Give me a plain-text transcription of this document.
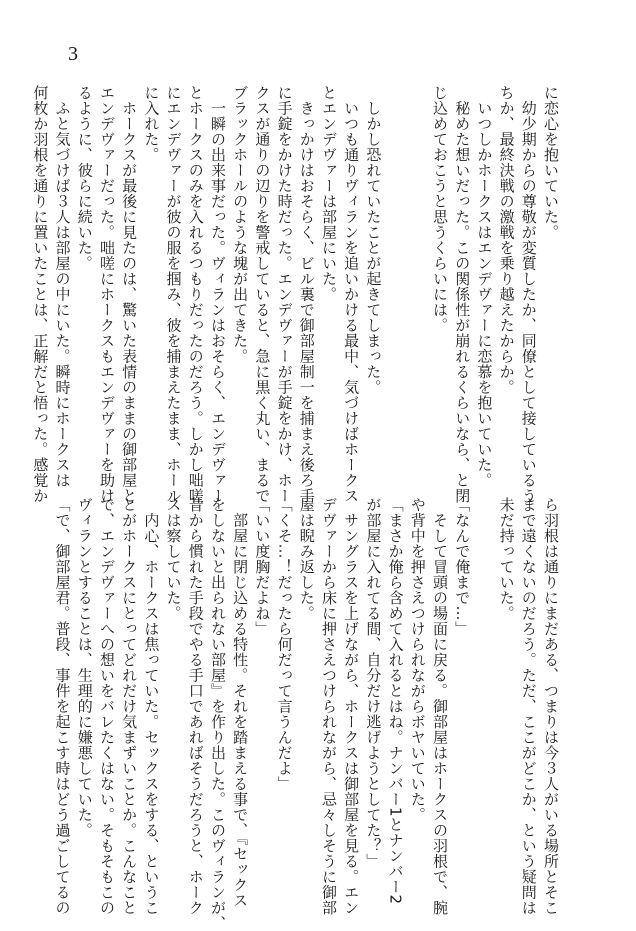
3

に恋心を抱いていた。

　幼少期からの尊敬が変質したか、同僚として接しているう

ちか、最終決戦の激戦を乗り越えたからか。

　いつしかホークスはエンデヴァーに恋慕を抱いていた。

　秘めた想いだった。この関係性が崩れるくらいなら、と閉

じ込めておこうと思うくらいには。

　しかし恐れていたことが起きてしまった。

　いつも通りヴィランを追いかける最中、気づけばホークス

とエンデヴァーは部屋にいた。

　きっかけはおそらく、ビル裏で御部屋制一を捕まえ後ろ手

に手錠をかけた時だった。エンデヴァーが手錠をかけ、ホー

クスが通りの辺りを警戒していると、急に黒く丸い、まるで

ブラックホールのような塊が出てきた。

　一瞬の出来事だった。ヴィランはおそらく、エンデヴァー

とホークスのみを入れるつもりだったのだろう。しかし咄嗟

にエンデヴァーが彼の服を掴み、彼を捕まえたまま、ホール

に入れた。

　ホークスが最後に見たのは、驚いた表情のままの御部屋と

エンデヴァーだった。咄嗟にホークスもエンデヴァーを助け

るように、彼らに続いた。

　ふと気づけば３人は部屋の中にいた。瞬時にホークスは

何枚か羽根を通りに置いたことは、正解だと悟った。感覚か

ら羽根は通りにまだある、つまりは今３人がいる場所とそこ

まで遠くないのだろう。ただ、ここがどこか、という疑問は

未だ持っていた。

「なんで俺まで…」

　そして冒頭の場面に戻る。御部屋はホークスの羽根で、腕

や背中を押さえつけられながらボヤいていた。

「まさか俺ら含めて入れるとはね。ナンバー1とナンバー2

が部屋に入れてる間、自分だけ逃げようとしてた？」

　サングラスを上げながら、ホークスは御部屋を見る。エン

デヴァーから床に押さえつけられながら、忌々しそうに御部

屋は睨み返した。

「くそ…！だったら何だって言うんだよ」

「いい度胸だよね」

　部屋に閉じ込める特性。それを踏まえる事で、『セックス

をしないと出られない部屋』を作り出した。このヴィランが、

昔から慣れた手段でやる手口であればそうだろうと、ホーク

スは察していた。

　内心、ホークスは焦っていた。セックスをする、というこ

とがホークスにとってどれだけ気まずいことか。こんなこと

で、エンデヴァーへの想いをバレたくはない。そもそもこの

ヴィランとすることは、生理的に嫌悪していた。

「で、御部屋君。普段、事件を起こす時はどう過ごしてるの
